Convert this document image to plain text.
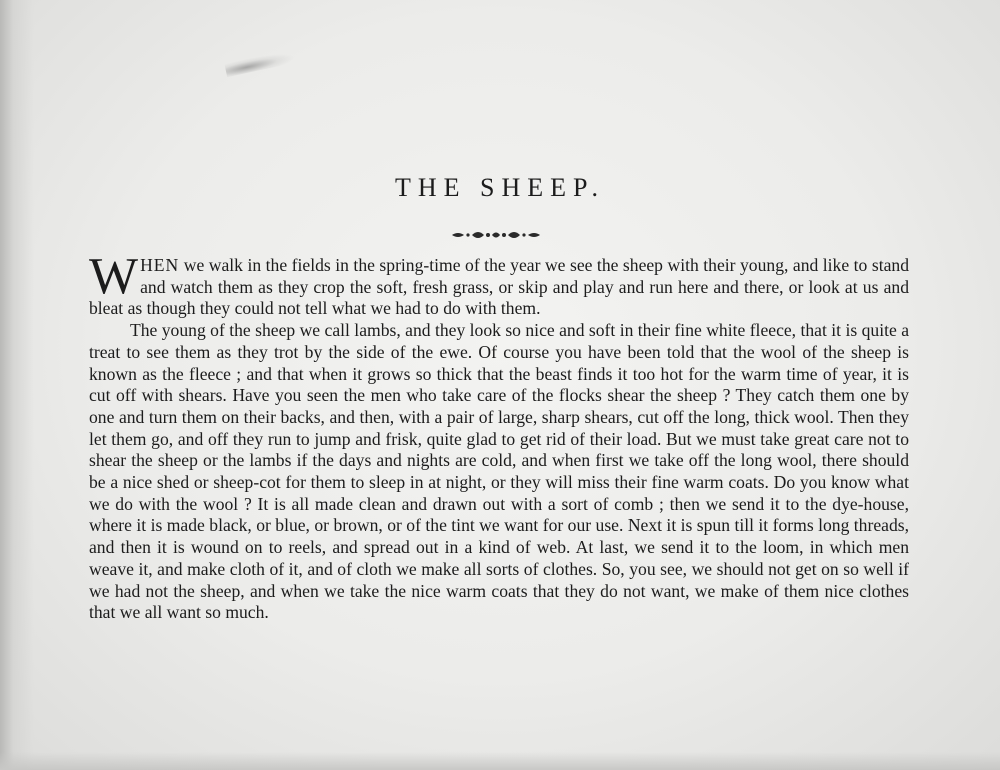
THE SHEEP.

WHEN we walk in the fields in the spring-time of the year we see the sheep with their young, and like to stand and watch them as they crop the soft, fresh grass, or skip and play and run here and there, or look at us and bleat as though they could not tell what we had to do with them.

The young of the sheep we call lambs, and they look so nice and soft in their fine white fleece, that it is quite a treat to see them as they trot by the side of the ewe. Of course you have been told that the wool of the sheep is known as the fleece ; and that when it grows so thick that the beast finds it too hot for the warm time of year, it is cut off with shears. Have you seen the men who take care of the flocks shear the sheep ? They catch them one by one and turn them on their backs, and then, with a pair of large, sharp shears, cut off the long, thick wool. Then they let them go, and off they run to jump and frisk, quite glad to get rid of their load. But we must take great care not to shear the sheep or the lambs if the days and nights are cold, and when first we take off the long wool, there should be a nice shed or sheep-cot for them to sleep in at night, or they will miss their fine warm coats. Do you know what we do with the wool ? It is all made clean and drawn out with a sort of comb ; then we send it to the dye-house, where it is made black, or blue, or brown, or of the tint we want for our use. Next it is spun till it forms long threads, and then it is wound on to reels, and spread out in a kind of web. At last, we send it to the loom, in which men weave it, and make cloth of it, and of cloth we make all sorts of clothes. So, you see, we should not get on so well if we had not the sheep, and when we take the nice warm coats that they do not want, we make of them nice clothes that we all want so much.
